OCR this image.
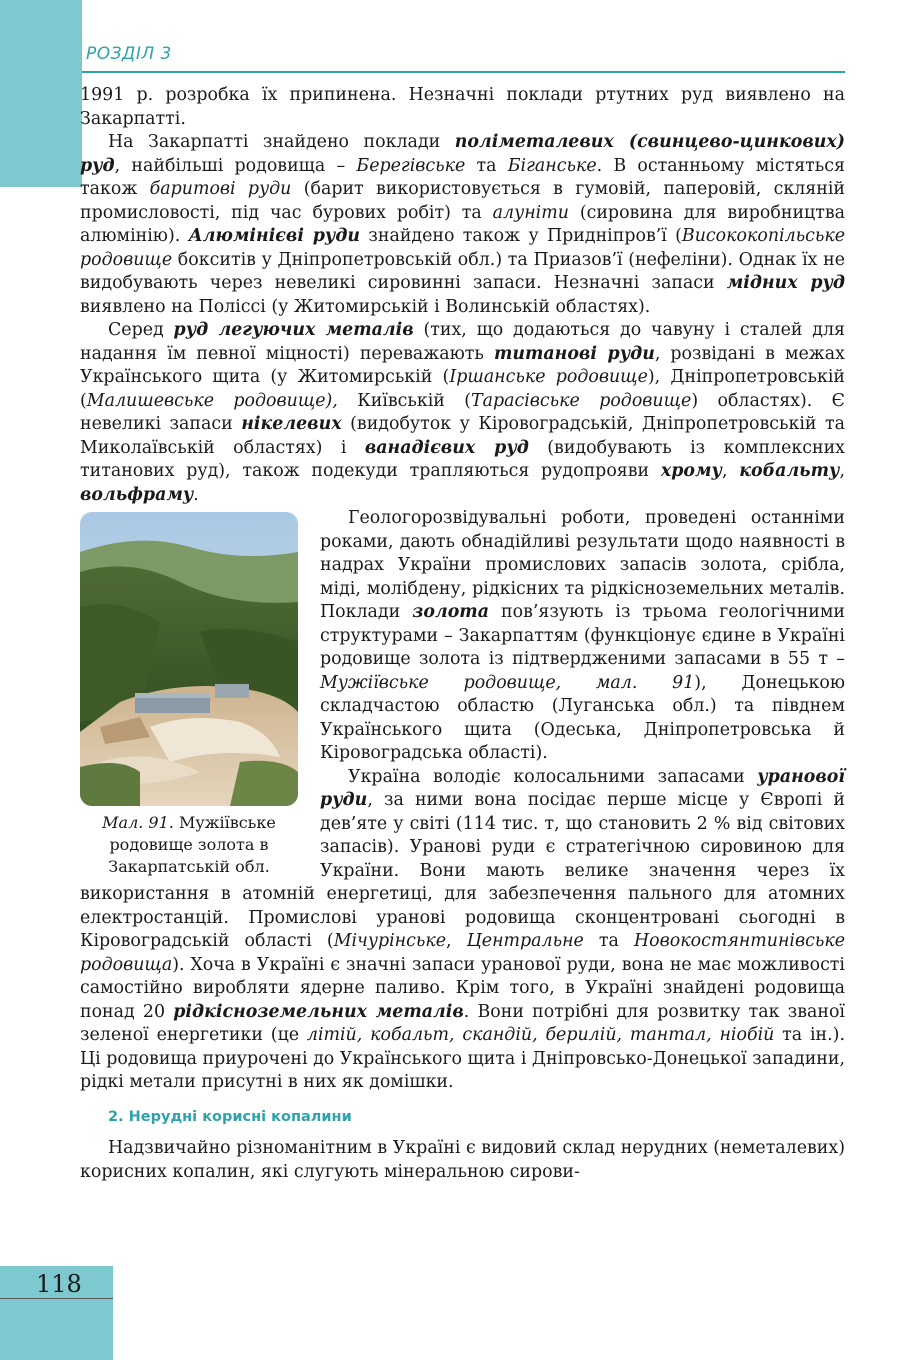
РОЗДІЛ 3

1991 р. розробка їх припинена. Незначні поклади ртутних руд виявлено на Закарпатті.

На Закарпатті знайдено поклади поліметалевих (свинцево-цинкових) руд, найбільші родовища – Берегівське та Біганське. В останньому містяться також баритові руди (барит використовується в гумовій, паперовій, скляній промисловості, під час бурових робіт) та алуніти (сировина для виробництва алюмінію). Алюмінієві руди знайдено також у Придніпров’ї (Висококопільське родовище бокситів у Дніпропетровській обл.) та Приазов’ї (нефеліни). Однак їх не видобувають через невеликі сировинні запаси. Незначні запаси мідних руд виявлено на Поліссі (у Житомирській і Волинській областях).

Серед руд легуючих металів (тих, що додаються до чавуну і сталей для надання їм певної міцності) переважають титанові руди, розвідані в межах Українського щита (у Житомирській (Іршанське родовище), Дніпропетровській (Малишевське родовище), Київській (Тарасівське родовище) областях). Є невеликі запаси нікелевих (видобуток у Кіровоградській, Дніпропетровській та Миколаївській областях) і ванадієвих руд (видобувають із комплексних титанових руд), також подекуди трапляються рудопрояви хрому, кобальту, вольфраму.

Мал. 91. Мужіївське родовище золота в Закарпатській обл.

Геологорозвідувальні роботи, проведені останніми роками, дають обнадійливі результати щодо наявності в надрах України промислових запасів золота, срібла, міді, молібдену, рідкісних та рідкісноземельних металів. Поклади золота пов’язують із трьома геологічними структурами – Закарпаттям (функціонує єдине в Україні родовище золота із підтвердженими запасами в 55 т – Мужіївське родовище, мал. 91), Донецькою складчастою областю (Луганська обл.) та півднем Українського щита (Одеська, Дніпропетровська й Кіровоградська області).

Україна володіє колосальними запасами уранової руди, за ними вона посідає перше місце у Європі й дев’яте у світі (114 тис. т, що становить 2 % від світових запасів). Уранові руди є стратегічною сировиною для України. Вони мають велике значення через їх використання в атомній енергетиці, для забезпечення пального для атомних електростанцій. Промислові уранові родовища сконцентровані сьогодні в Кіровоградській області (Мічурінське, Центральне та Новокостянтинівське родовища). Хоча в Україні є значні запаси уранової руди, вона не має можливості самостійно виробляти ядерне паливо. Крім того, в Україні знайдені родовища понад 20 рідкісноземельних металів. Вони потрібні для розвитку так званої зеленої енергетики (це літій, кобальт, скандій, берилій, тантал, ніобій та ін.). Ці родовища приурочені до Українського щита і Дніпровсько-Донецької западини, рідкі метали присутні в них як домішки.

2. Нерудні корисні копалини

Надзвичайно різноманітним в Україні є видовий склад нерудних (неметалевих) корисних копалин, які слугують мінеральною сирови-

118
